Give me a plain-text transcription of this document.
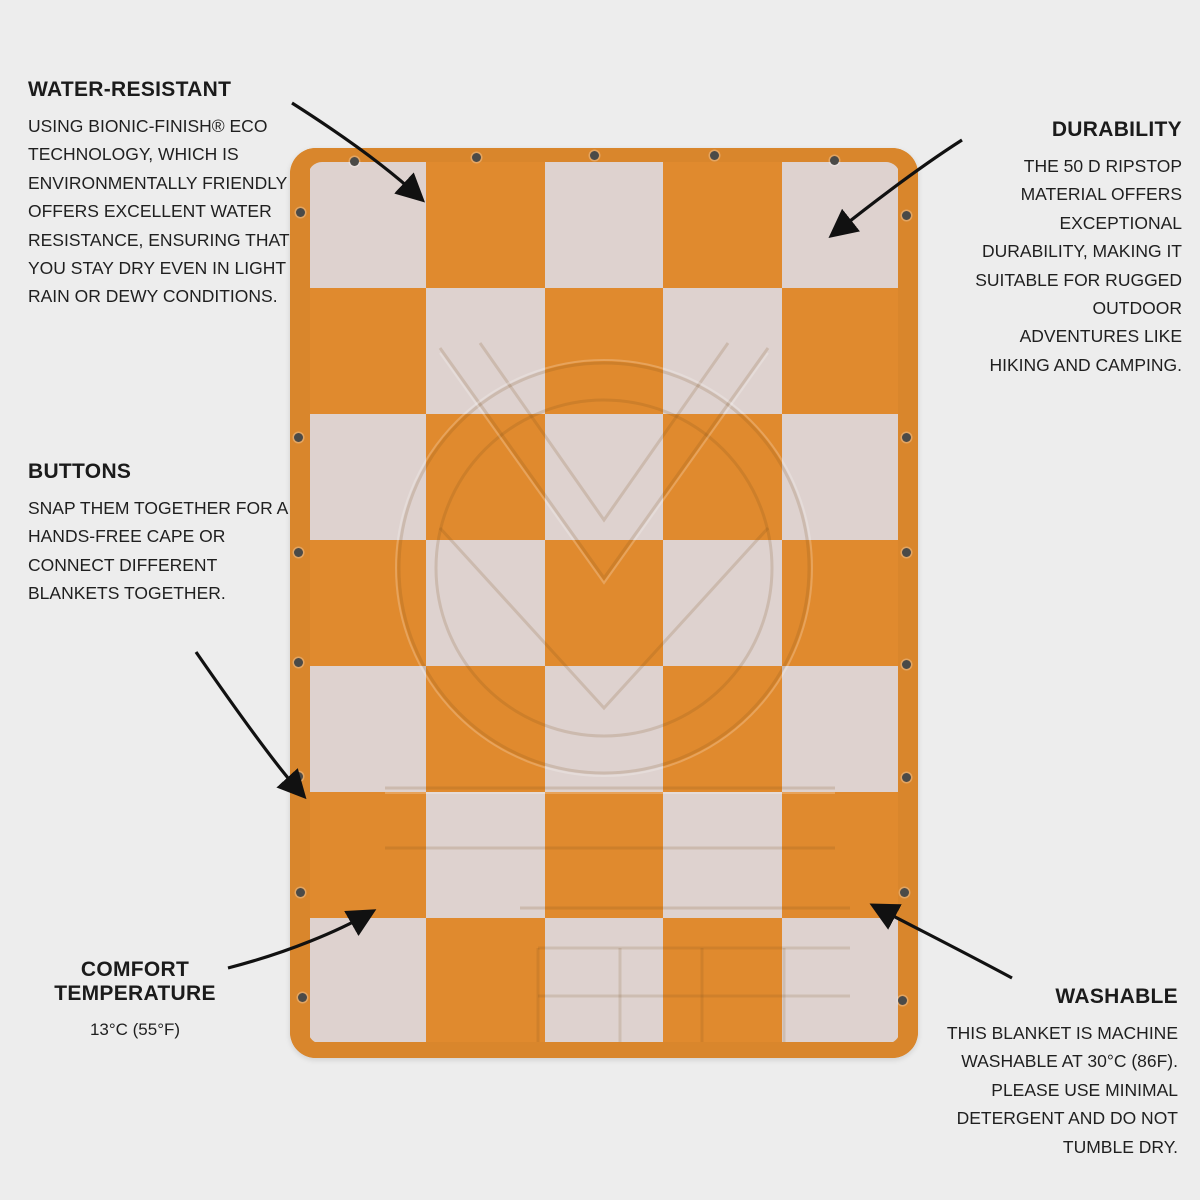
WATER-RESISTANT

USING BIONIC-FINISH® ECO TECHNOLOGY, WHICH IS ENVIRONMENTALLY FRIENDLY OFFERS EXCELLENT WATER RESISTANCE, ENSURING THAT YOU STAY DRY EVEN IN LIGHT RAIN OR DEWY CONDITIONS.

BUTTONS

SNAP THEM TOGETHER FOR A HANDS-FREE CAPE OR CONNECT DIFFERENT BLANKETS TOGETHER.

COMFORT TEMPERATURE

13°C (55°F)

DURABILITY

THE 50 D RIPSTOP MATERIAL OFFERS EXCEPTIONAL DURABILITY, MAKING IT SUITABLE FOR RUGGED OUTDOOR ADVENTURES LIKE HIKING AND CAMPING.

WASHABLE

THIS BLANKET IS MACHINE WASHABLE AT 30°C (86F). PLEASE USE MINIMAL DETERGENT AND DO NOT TUMBLE DRY.
